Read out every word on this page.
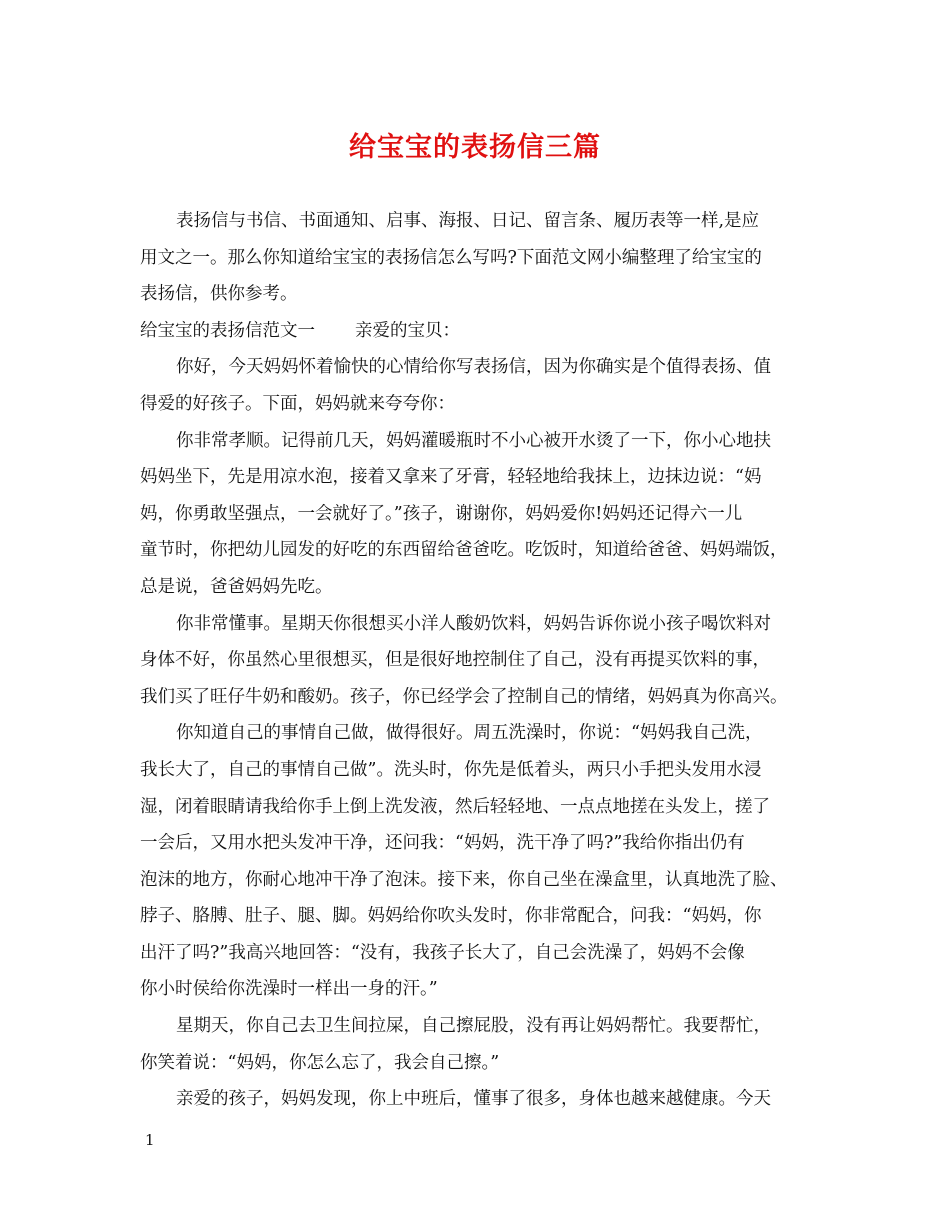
给宝宝的表扬信三篇
表扬信与书信、书面通知、启事、海报、日记、留言条、履历表等一样,是应
用文之一。那么你知道给宝宝的表扬信怎么写吗?下面范文网小编整理了给宝宝的
表扬信，供你参考。
给宝宝的表扬信范文一 亲爱的宝贝：
你好，今天妈妈怀着愉快的心情给你写表扬信，因为你确实是个值得表扬、值
得爱的好孩子。下面，妈妈就来夸夸你：
你非常孝顺。记得前几天，妈妈灌暖瓶时不小心被开水烫了一下，你小心地扶
妈妈坐下，先是用凉水泡，接着又拿来了牙膏，轻轻地给我抹上，边抹边说：“妈
妈，你勇敢坚强点，一会就好了。”孩子，谢谢你，妈妈爱你!妈妈还记得六一儿
童节时，你把幼儿园发的好吃的东西留给爸爸吃。吃饭时，知道给爸爸、妈妈端饭，
总是说，爸爸妈妈先吃。
你非常懂事。星期天你很想买小洋人酸奶饮料，妈妈告诉你说小孩子喝饮料对
身体不好，你虽然心里很想买，但是很好地控制住了自己，没有再提买饮料的事，
我们买了旺仔牛奶和酸奶。孩子，你已经学会了控制自己的情绪，妈妈真为你高兴。
你知道自己的事情自己做，做得很好。周五洗澡时，你说：“妈妈我自己洗，
我长大了，自己的事情自己做”。洗头时，你先是低着头，两只小手把头发用水浸
湿，闭着眼睛请我给你手上倒上洗发液，然后轻轻地、一点点地搓在头发上，搓了
一会后，又用水把头发冲干净，还问我：“妈妈，洗干净了吗?”我给你指出仍有
泡沫的地方，你耐心地冲干净了泡沫。接下来，你自己坐在澡盒里，认真地洗了脸、
脖子、胳膊、肚子、腿、脚。妈妈给你吹头发时，你非常配合，问我：“妈妈，你
出汗了吗?”我高兴地回答：“没有，我孩子长大了，自己会洗澡了，妈妈不会像
你小时侯给你洗澡时一样出一身的汗。”
星期天，你自己去卫生间拉屎，自己擦屁股，没有再让妈妈帮忙。我要帮忙，
你笑着说：“妈妈，你怎么忘了，我会自己擦。”
亲爱的孩子，妈妈发现，你上中班后，懂事了很多，身体也越来越健康。今天
1
